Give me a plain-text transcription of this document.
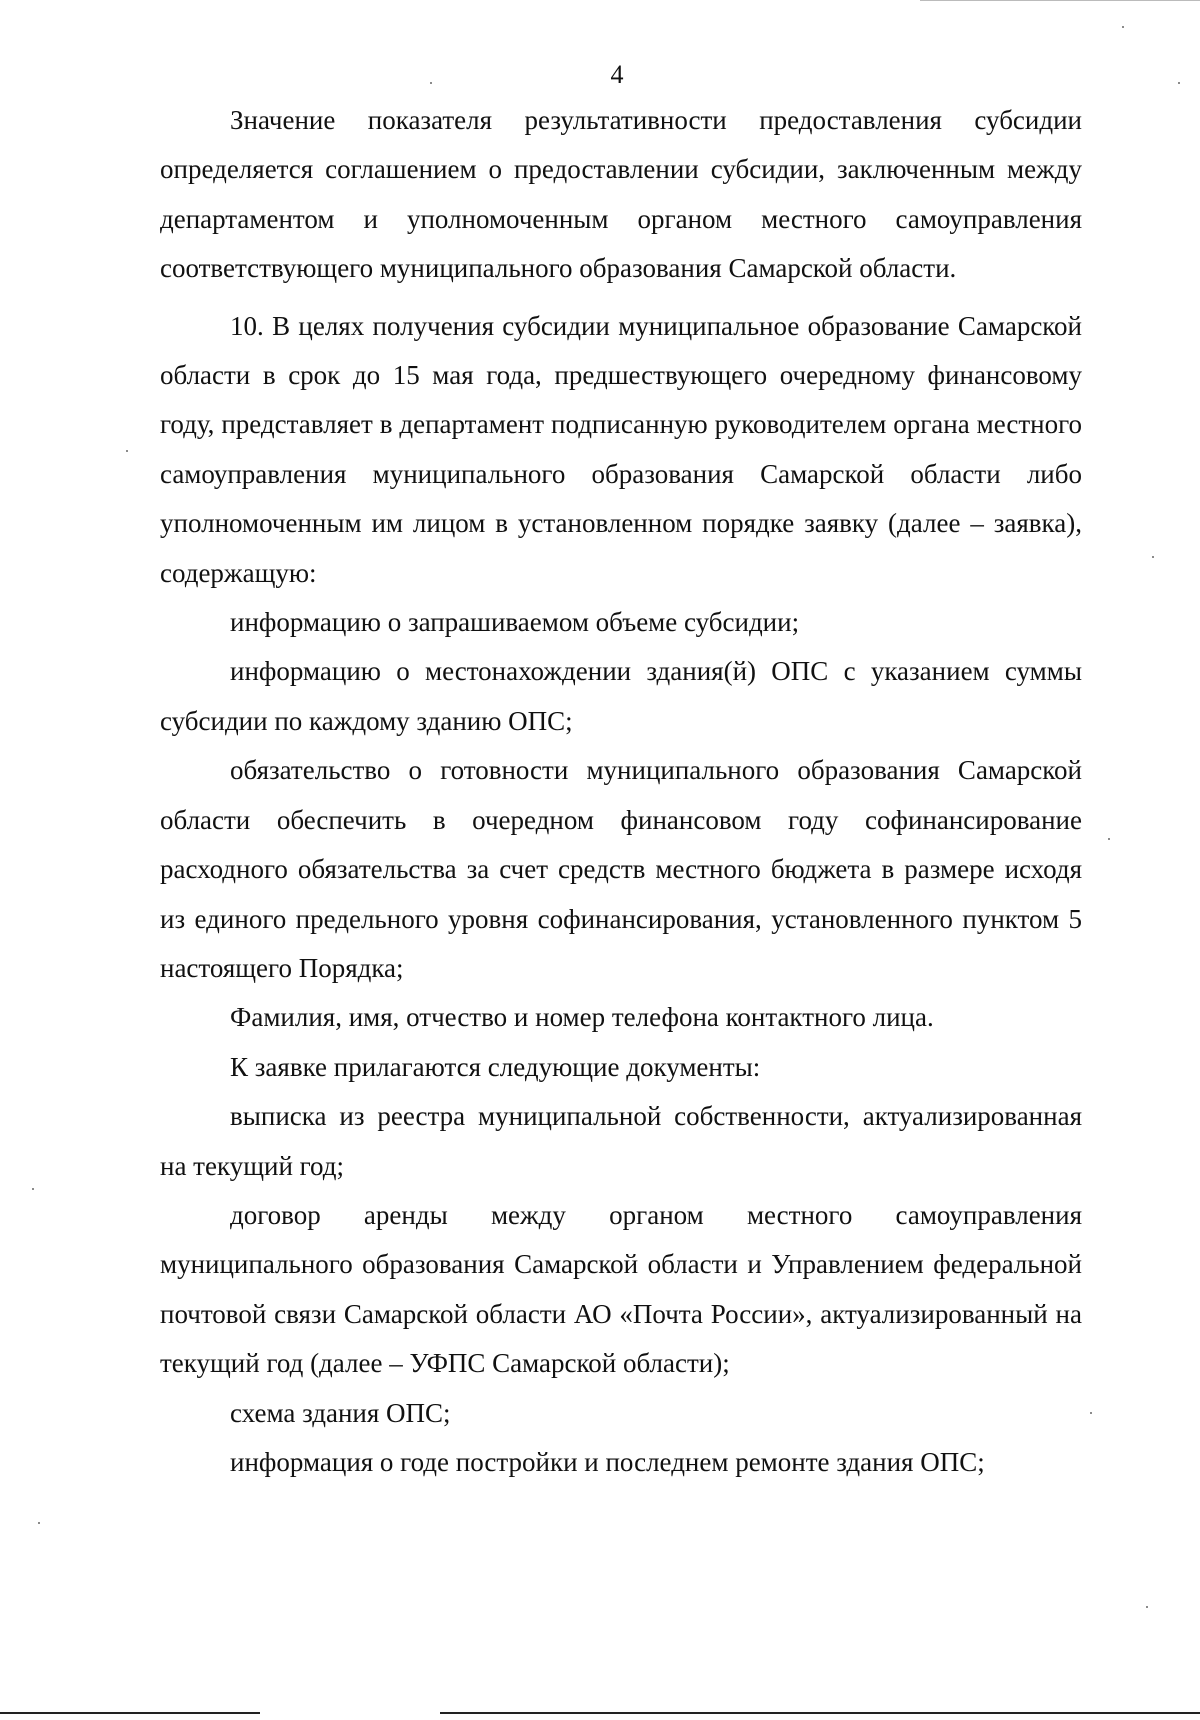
4

Значение показателя результативности предоставления субсидии определяется соглашением о предоставлении субсидии, заключенным между департаментом и уполномоченным органом местного самоуправления соответствующего муниципального образования Самарской области.

10. В целях получения субсидии муниципальное образование Самарской области в срок до 15 мая года, предшествующего очередному финансовому году, представляет в департамент подписанную руководителем органа местного самоуправления муниципального образования Самарской области либо уполномоченным им лицом в установленном порядке заявку (далее – заявка), содержащую:

информацию о запрашиваемом объеме субсидии;

информацию о местонахождении здания(й) ОПС с указанием суммы субсидии по каждому зданию ОПС;

обязательство о готовности муниципального образования Самарской области обеспечить в очередном финансовом году софинансирование расходного обязательства за счет средств местного бюджета в размере исходя из единого предельного уровня софинансирования, установленного пунктом 5 настоящего Порядка;

Фамилия, имя, отчество и номер телефона контактного лица.

К заявке прилагаются следующие документы:

выписка из реестра муниципальной собственности, актуализированная на текущий год;

договор аренды между органом местного самоуправления муниципального образования Самарской области и Управлением федеральной почтовой связи Самарской области АО «Почта России», актуализированный на текущий год (далее – УФПС Самарской области);

схема здания ОПС;

информация о годе постройки и последнем ремонте здания ОПС;
